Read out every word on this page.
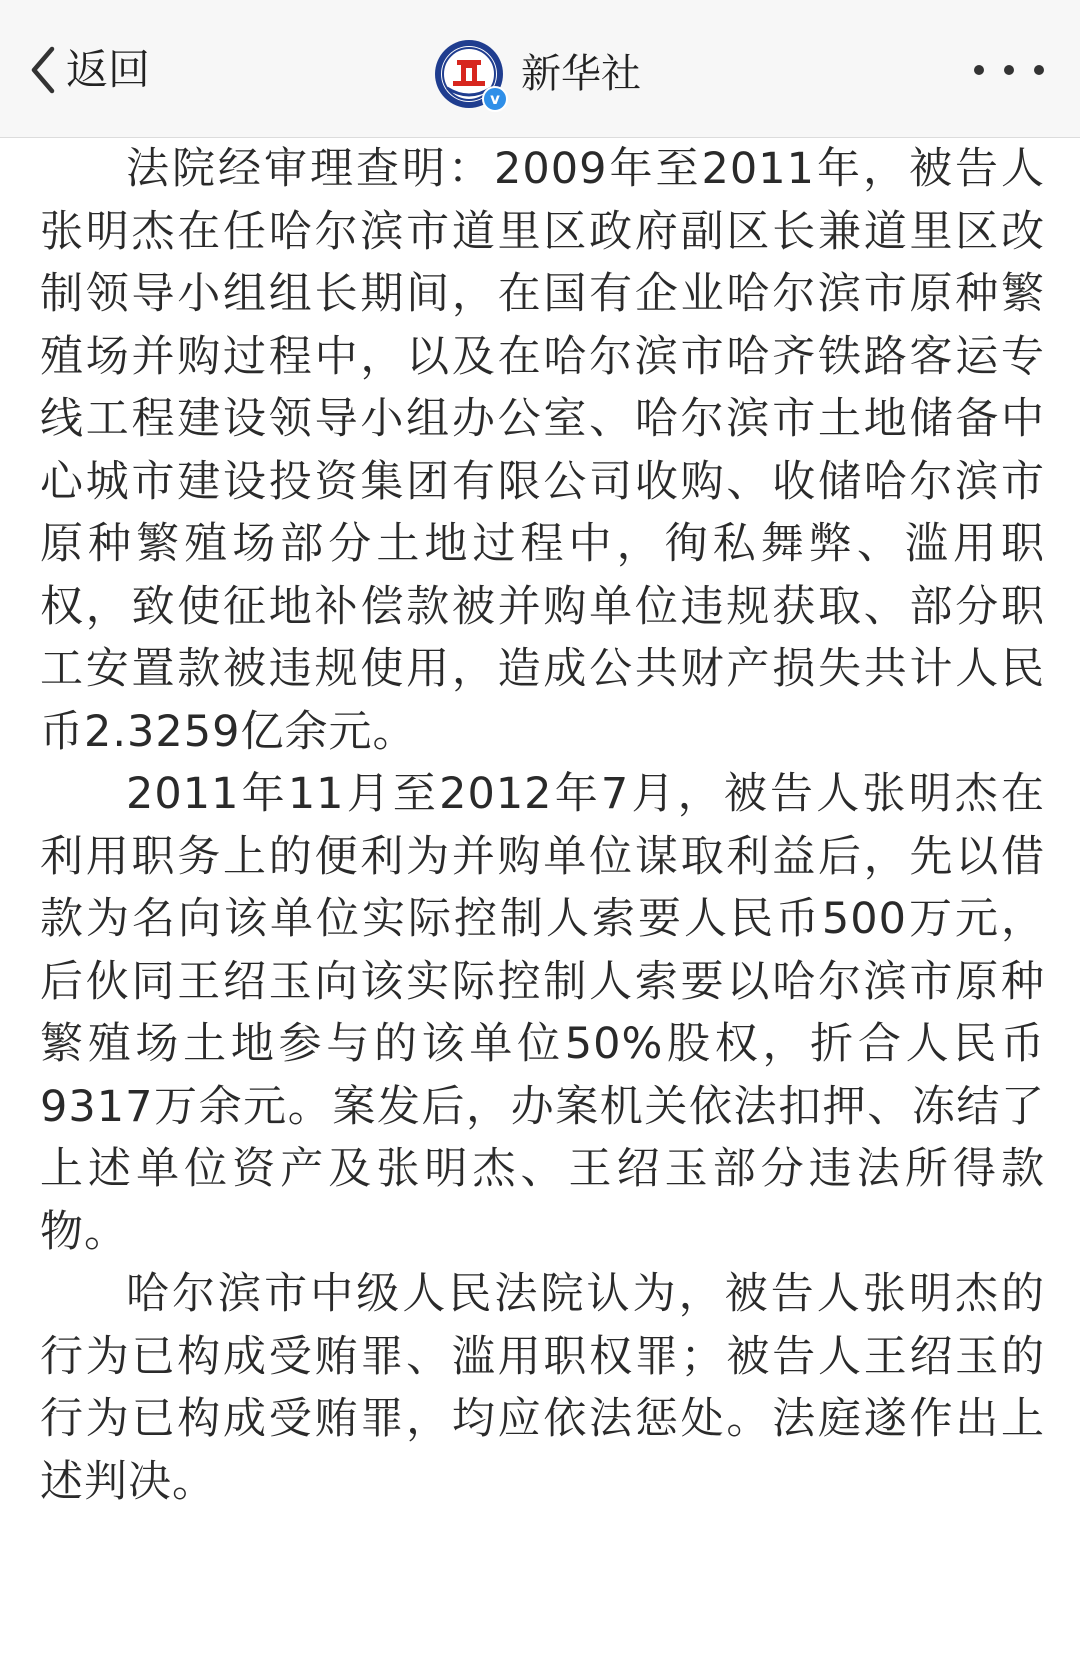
返回
v
新华社

法院经审理查明：2009年至2011年，被告人张明杰在任哈尔滨市道里区政府副区长兼道里区改制领导小组组长期间，在国有企业哈尔滨市原种繁殖场并购过程中，以及在哈尔滨市哈齐铁路客运专线工程建设领导小组办公室、哈尔滨市土地储备中心城市建设投资集团有限公司收购、收储哈尔滨市原种繁殖场部分土地过程中，徇私舞弊、滥用职权，致使征地补偿款被并购单位违规获取、部分职工安置款被违规使用，造成公共财产损失共计人民币2.3259亿余元。

2011年11月至2012年7月，被告人张明杰在利用职务上的便利为并购单位谋取利益后，先以借款为名向该单位实际控制人索要人民币500万元，后伙同王绍玉向该实际控制人索要以哈尔滨市原种繁殖场土地参与的该单位50%股权，折合人民币9317万余元。案发后，办案机关依法扣押、冻结了上述单位资产及张明杰、王绍玉部分违法所得款物。

哈尔滨市中级人民法院认为，被告人张明杰的行为已构成受贿罪、滥用职权罪；被告人王绍玉的行为已构成受贿罪，均应依法惩处。法庭遂作出上述判决。
